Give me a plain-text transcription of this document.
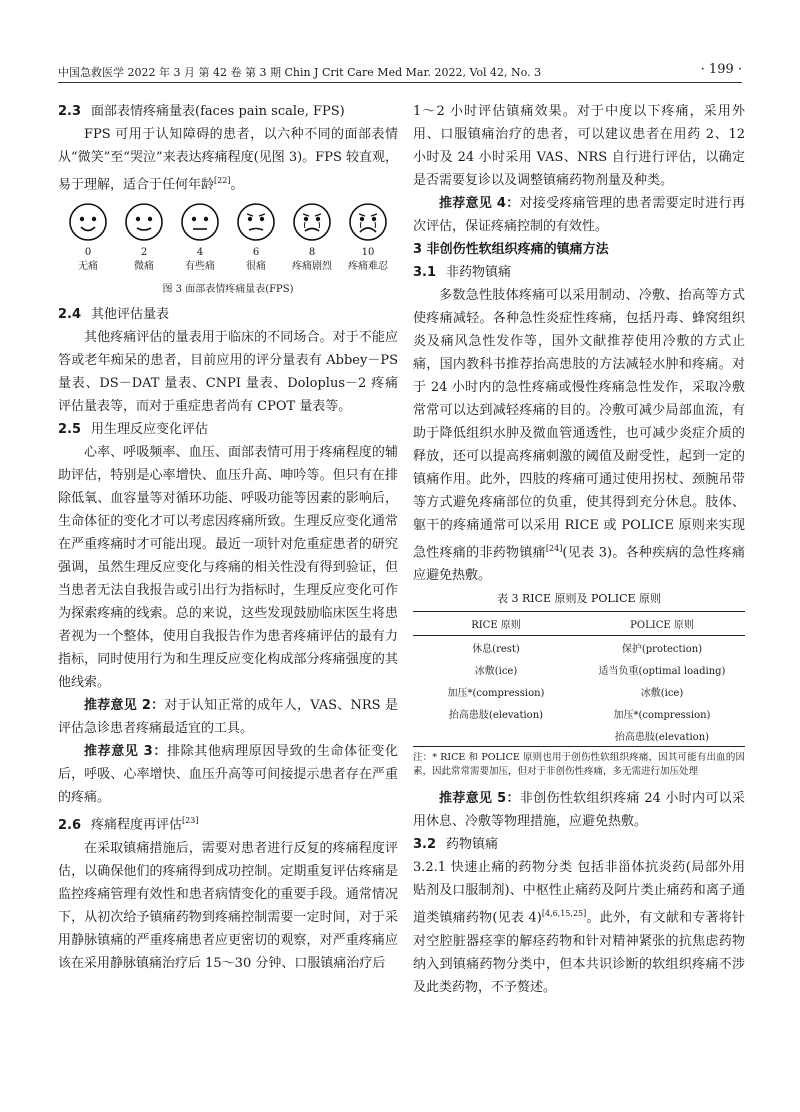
中国急救医学 2022 年 3 月 第 42 卷 第 3 期 Chin J Crit Care Med Mar. 2022, Vol 42, No. 3	· 199 ·
2.3 面部表情疼痛量表(faces pain scale, FPS)

FPS 可用于认知障碍的患者，以六种不同的面部表情从“微笑”至“哭泣”来表达疼痛程度(见图 3)。FPS 较直观，易于理解，适合于任何年龄[22]。

0
无痛
2
微痛
4
有些痛
6
很痛
8
疼痛剧烈
10
疼痛难忍
图 3 面部表情疼痛量表(FPS)
2.4 其他评估量表

其他疼痛评估的量表用于临床的不同场合。对于不能应答或老年痴呆的患者，目前应用的评分量表有 Abbey－PS 量表、DS－DAT 量表、CNPI 量表、Doloplus－2 疼痛评估量表等，而对于重症患者尚有 CPOT 量表等。

2.5 用生理反应变化评估

心率、呼吸频率、血压、面部表情可用于疼痛程度的辅助评估，特别是心率增快、血压升高、呻吟等。但只有在排除低氧、血容量等对循环功能、呼吸功能等因素的影响后，生命体征的变化才可以考虑因疼痛所致。生理反应变化通常在严重疼痛时才可能出现。最近一项针对危重症患者的研究强调，虽然生理反应变化与疼痛的相关性没有得到验证，但当患者无法自我报告或引出行为指标时，生理反应变化可作为探索疼痛的线索。总的来说，这些发现鼓励临床医生将患者视为一个整体，使用自我报告作为患者疼痛评估的最有力指标，同时使用行为和生理反应变化构成部分疼痛强度的其他线索。

推荐意见 2：对于认知正常的成年人，VAS、NRS 是评估急诊患者疼痛最适宜的工具。

推荐意见 3：排除其他病理原因导致的生命体征变化后，呼吸、心率增快、血压升高等可间接提示患者存在严重的疼痛。

2.6 疼痛程度再评估[23]

在采取镇痛措施后，需要对患者进行反复的疼痛程度评估，以确保他们的疼痛得到成功控制。定期重复评估疼痛是监控疼痛管理有效性和患者病情变化的重要手段。通常情况下，从初次给予镇痛药物到疼痛控制需要一定时间，对于采用静脉镇痛的严重疼痛患者应更密切的观察，对严重疼痛应该在采用静脉镇痛治疗后 15～30 分钟、口服镇痛治疗后

1～2 小时评估镇痛效果。对于中度以下疼痛，采用外用、口服镇痛治疗的患者，可以建议患者在用药 2、12 小时及 24 小时采用 VAS、NRS 自行进行评估，以确定是否需要复诊以及调整镇痛药物剂量及种类。

推荐意见 4：对接受疼痛管理的患者需要定时进行再次评估，保证疼痛控制的有效性。

3 非创伤性软组织疼痛的镇痛方法
3.1 非药物镇痛

多数急性肢体疼痛可以采用制动、冷敷、抬高等方式使疼痛减轻。各种急性炎症性疼痛，包括丹毒、蜂窝组织炎及痛风急性发作等，国外文献推荐使用冷敷的方式止痛，国内教科书推荐抬高患肢的方法减轻水肿和疼痛。对于 24 小时内的急性疼痛或慢性疼痛急性发作，采取冷敷常常可以达到减轻疼痛的目的。冷敷可减少局部血流，有助于降低组织水肿及微血管通透性，也可减少炎症介质的释放，还可以提高疼痛刺激的阈值及耐受性，起到一定的镇痛作用。此外，四肢的疼痛可通过使用拐杖、颈腕吊带等方式避免疼痛部位的负重，使其得到充分休息。肢体、躯干的疼痛通常可以采用 RICE 或 POLICE 原则来实现急性疼痛的非药物镇痛[24](见表 3)。各种疾病的急性疼痛应避免热敷。

表 3 RICE 原则及 POLICE 原则
RICE 原则	POLICE 原则
休息(rest)	保护(protection)
冰敷(ice)	适当负重(optimal loading)
加压*(compression)	冰敷(ice)
抬高患肢(elevation)	加压*(compression)
	抬高患肢(elevation)
注：* RICE 和 POLICE 原则也用于创伤性软组织疼痛，因其可能有出血的因素，因此常常需要加压，但对于非创伤性疼痛，多无需进行加压处理

推荐意见 5：非创伤性软组织疼痛 24 小时内可以采用休息、冷敷等物理措施，应避免热敷。

3.2 药物镇痛

3.2.1 快速止痛的药物分类 包括非甾体抗炎药(局部外用贴剂及口服制剂)、中枢性止痛药及阿片类止痛药和离子通道类镇痛药物(见表 4)[4,6,15,25]。此外，有文献和专著将针对空腔脏器痉挛的解痉药物和针对精神紧张的抗焦虑药物纳入到镇痛药物分类中，但本共识诊断的软组织疼痛不涉及此类药物，不予赘述。
